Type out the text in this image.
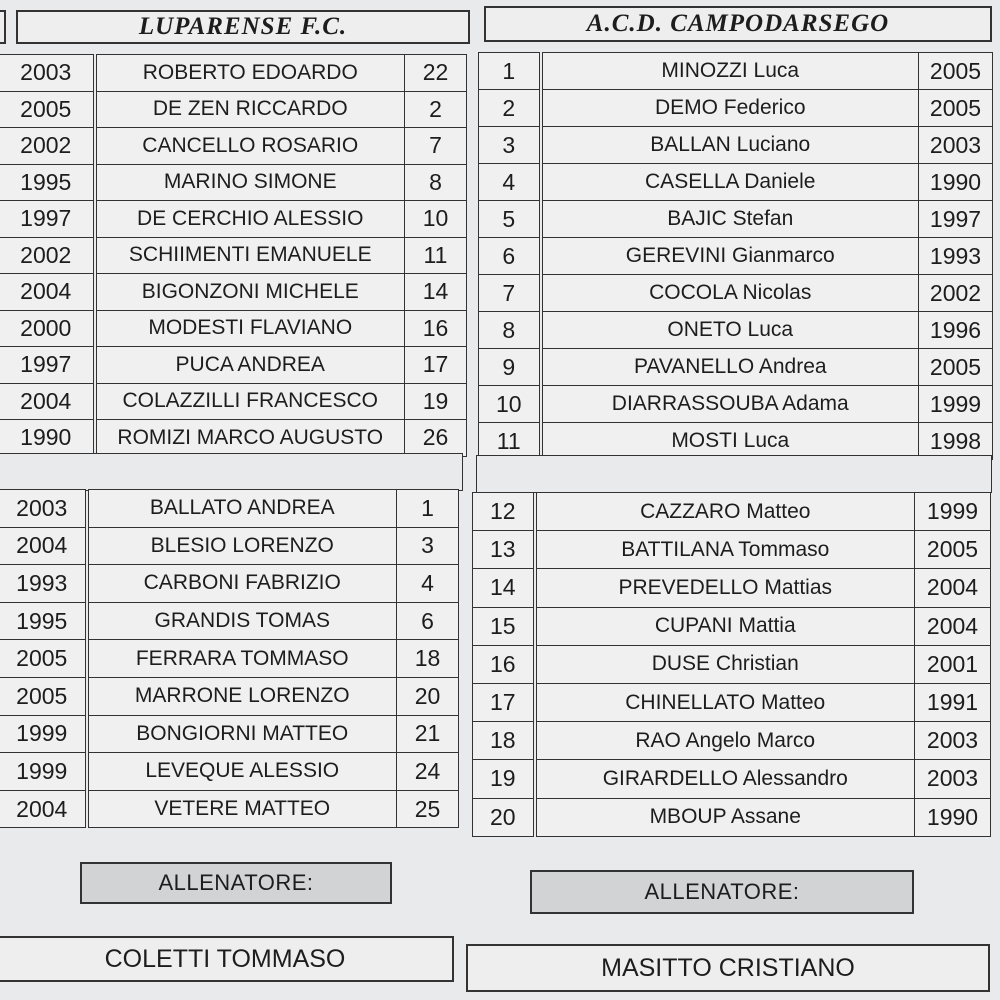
LUPARENSE F.C.	A.C.D. CAMPODARSEGO
2003	ROBERTO EDOARDO	22
2005	DE ZEN RICCARDO	2
2002	CANCELLO ROSARIO	7
1995	MARINO SIMONE	8
1997	DE CERCHIO ALESSIO	10
2002	SCHIIMENTI EMANUELE	11
2004	BIGONZONI MICHELE	14
2000	MODESTI FLAVIANO	16
1997	PUCA ANDREA	17
2004	COLAZZILLI FRANCESCO	19
1990	ROMIZI MARCO AUGUSTO	26
2003	BALLATO ANDREA	1
2004	BLESIO LORENZO	3
1993	CARBONI FABRIZIO	4
1995	GRANDIS TOMAS	6
2005	FERRARA TOMMASO	18
2005	MARRONE LORENZO	20
1999	BONGIORNI MATTEO	21
1999	LEVEQUE ALESSIO	24
2004	VETERE MATTEO	25
1	MINOZZI Luca	2005
2	DEMO Federico	2005
3	BALLAN Luciano	2003
4	CASELLA Daniele	1990
5	BAJIC Stefan	1997
6	GEREVINI Gianmarco	1993
7	COCOLA Nicolas	2002
8	ONETO Luca	1996
9	PAVANELLO Andrea	2005
10	DIARRASSOUBA Adama	1999
11	MOSTI Luca	1998
12	CAZZARO Matteo	1999
13	BATTILANA Tommaso	2005
14	PREVEDELLO Mattias	2004
15	CUPANI Mattia	2004
16	DUSE Christian	2001
17	CHINELLATO Matteo	1991
18	RAO Angelo Marco	2003
19	GIRARDELLO Alessandro	2003
20	MBOUP Assane	1990
ALLENATORE:	ALLENATORE:
COLETTI TOMMASO	MASITTO CRISTIANO
